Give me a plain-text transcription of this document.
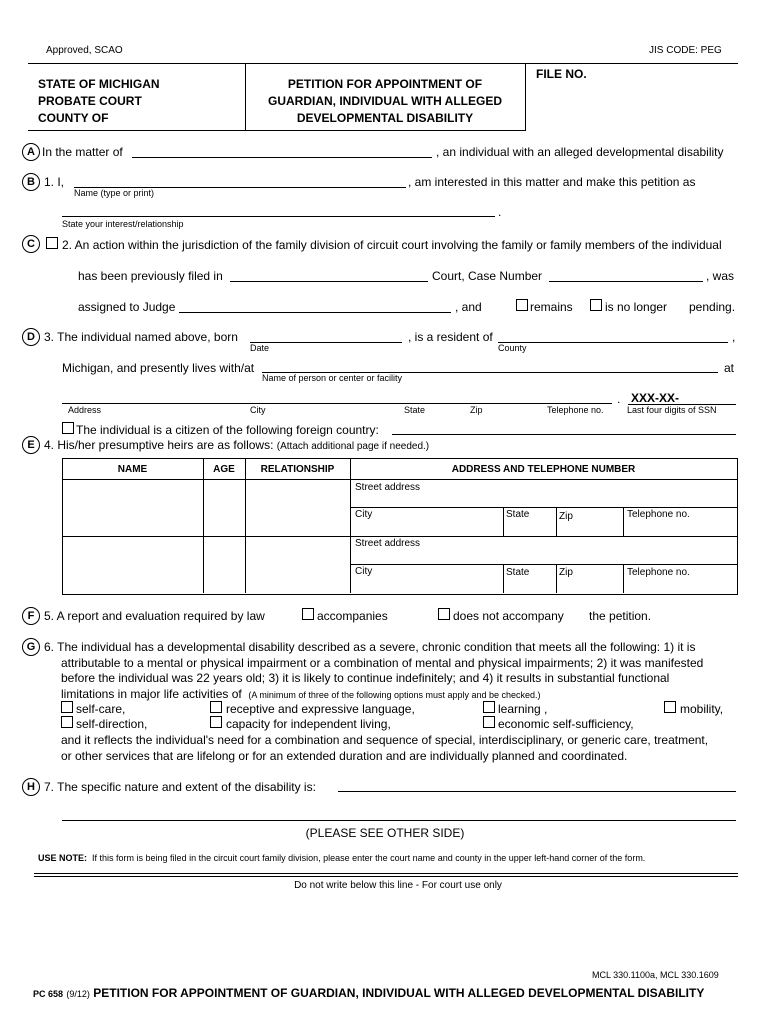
Approved, SCAO	JIS CODE: PEG
STATE OF MICHIGAN
PROBATE COURT
COUNTY OF
PETITION FOR APPOINTMENT OF
GUARDIAN, INDIVIDUAL WITH ALLEGED
DEVELOPMENTAL DISABILITY
FILE NO.
A In the matter of	, an individual with an alleged developmental disability
B 1. I,
Name (type or print)
, am interested in this matter and make this petition as
.
State your interest/relationship
C	2. An action within the jurisdiction of the family division of circuit court involving the family or family members of the individual
has been previously filed in	Court, Case Number	, was
assigned to Judge	, and	remains	is no longer pending.
D 3. The individual named above, born
Date
, is a resident of
County
,
Michigan, and presently lives with/at
Name of person or center or facility
at
. XXX-XX-
Address	City	State	Zip	Telephone no.	Last four digits of SSN
The individual is a citizen of the following foreign country:
E 4. His/her presumptive heirs are as follows: (Attach additional page if needed.)
NAME	AGE	RELATIONSHIP	ADDRESS AND TELEPHONE NUMBER
Street address
City	State	Zip	Telephone no.
Street address
City	State	Zip	Telephone no.
F 5. A report and evaluation required by law	accompanies	does not accompany the petition.
G 6. The individual has a developmental disability described as a severe, chronic condition that meets all the following: 1) it is
attributable to a mental or physical impairment or a combination of mental and physical impairments; 2) it was manifested
before the individual was 22 years old; 3) it is likely to continue indefinitely; and 4) it results in substantial functional
limitations in major life activities of (A minimum of three of the following options must apply and be checked.)
self-care,	receptive and expressive language,	learning ,	mobility,
self-direction,	capacity for independent living,	economic self-sufficiency,
and it reflects the individual's need for a combination and sequence of special, interdisciplinary, or generic care, treatment,
or other services that are lifelong or for an extended duration and are individually planned and coordinated.
H 7. The specific nature and extent of the disability is:
(PLEASE SEE OTHER SIDE)
USE NOTE: If this form is being filed in the circuit court family division, please enter the court name and county in the upper left-hand corner of the form.
Do not write below this line - For court use only
MCL 330.1100a, MCL 330.1609
PC 658 (9/12) PETITION FOR APPOINTMENT OF GUARDIAN, INDIVIDUAL WITH ALLEGED DEVELOPMENTAL DISABILITY
